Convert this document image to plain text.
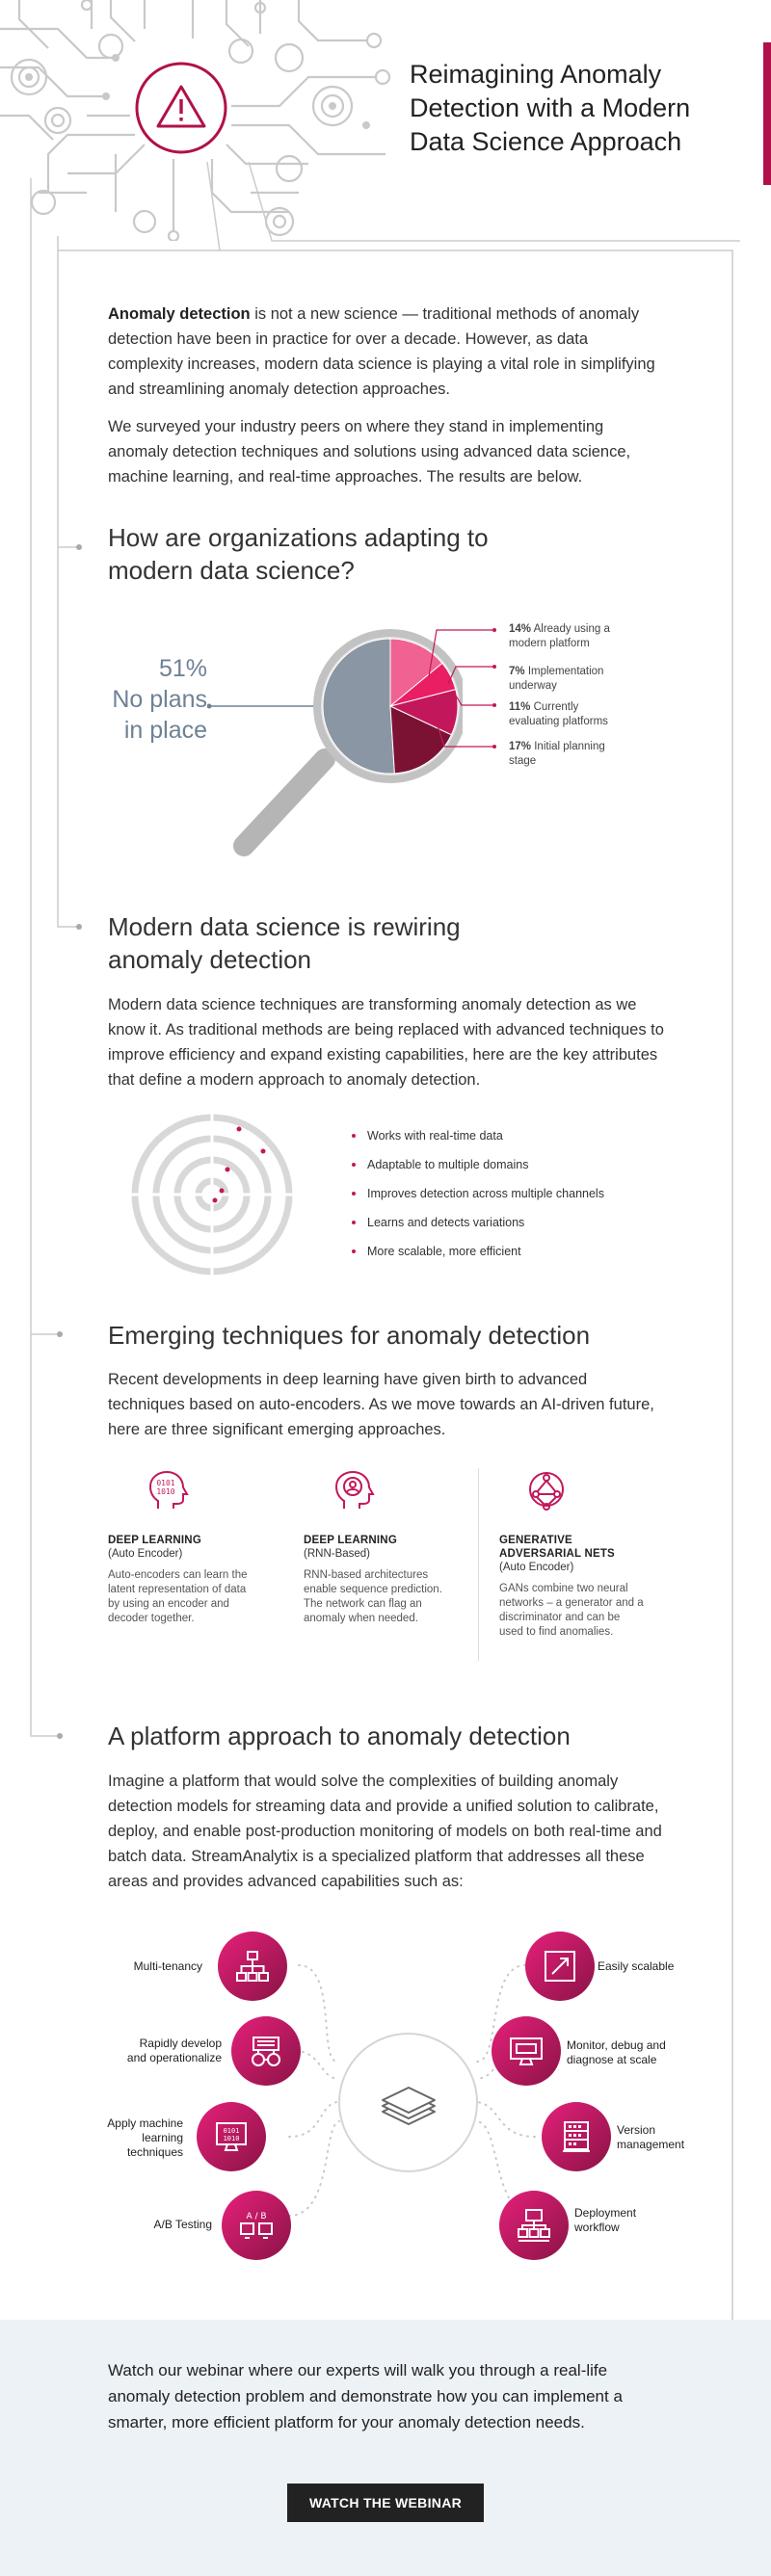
Reimagining Anomaly
Detection with a Modern
Data Science Approach

Anomaly detection is not a new science — traditional methods of anomaly detection have been in practice for over a decade. However, as data complexity increases, modern data science is playing a vital role in simplifying and streamlining anomaly detection approaches.

We surveyed your industry peers on where they stand in implementing anomaly detection techniques and solutions using advanced data science, machine learning, and real-time approaches. The results are below.

How are organizations adapting to
modern data science?
51%
No plans
in place
14% Already using a
modern platform
7% Implementation
underway
11% Currently
evaluating platforms
17% Initial planning
stage
Modern data science is rewiring
anomaly detection

Modern data science techniques are transforming anomaly detection as we know it. As traditional methods are being replaced with advanced techniques to improve efficiency and expand existing capabilities, here are the key attributes that define a modern approach to anomaly detection.

Works with real-time data
Adaptable to multiple domains
Improves detection across multiple channels
Learns and detects variations
More scalable, more efficient
Emerging techniques for anomaly detection

Recent developments in deep learning have given birth to advanced techniques based on auto-encoders. As we move towards an AI-driven future, here are three significant emerging approaches.

0101
1010

DEEP LEARNING

(Auto Encoder)

Auto-encoders can learn the latent representation of data by using an encoder and decoder together.

DEEP LEARNING

(RNN-Based)

RNN-based architectures enable sequence prediction. The network can flag an anomaly when needed.

GENERATIVE

ADVERSARIAL NETS

(Auto Encoder)

GANs combine two neural networks – a generator and a discriminator and can be used to find anomalies.

A platform approach to anomaly detection

Imagine a platform that would solve the complexities of building anomaly detection models for streaming data and provide a unified solution to calibrate, deploy, and enable post-production monitoring of models on both real-time and batch data. StreamAnalytix is a specialized platform that addresses all these areas and provides advanced capabilities such as:

Multi-tenancy
Rapidly develop
and operationalize
Apply machine
learning
techniques
0101
1010
A/B Testing
A / B
Easily scalable
Monitor, debug and
diagnose at scale
Version
management
Deployment
workflow

Watch our webinar where our experts will walk you through a real-life anomaly detection problem and demonstrate how you can implement a smarter, more efficient platform for your anomaly detection needs.

WATCH THE WEBINAR
